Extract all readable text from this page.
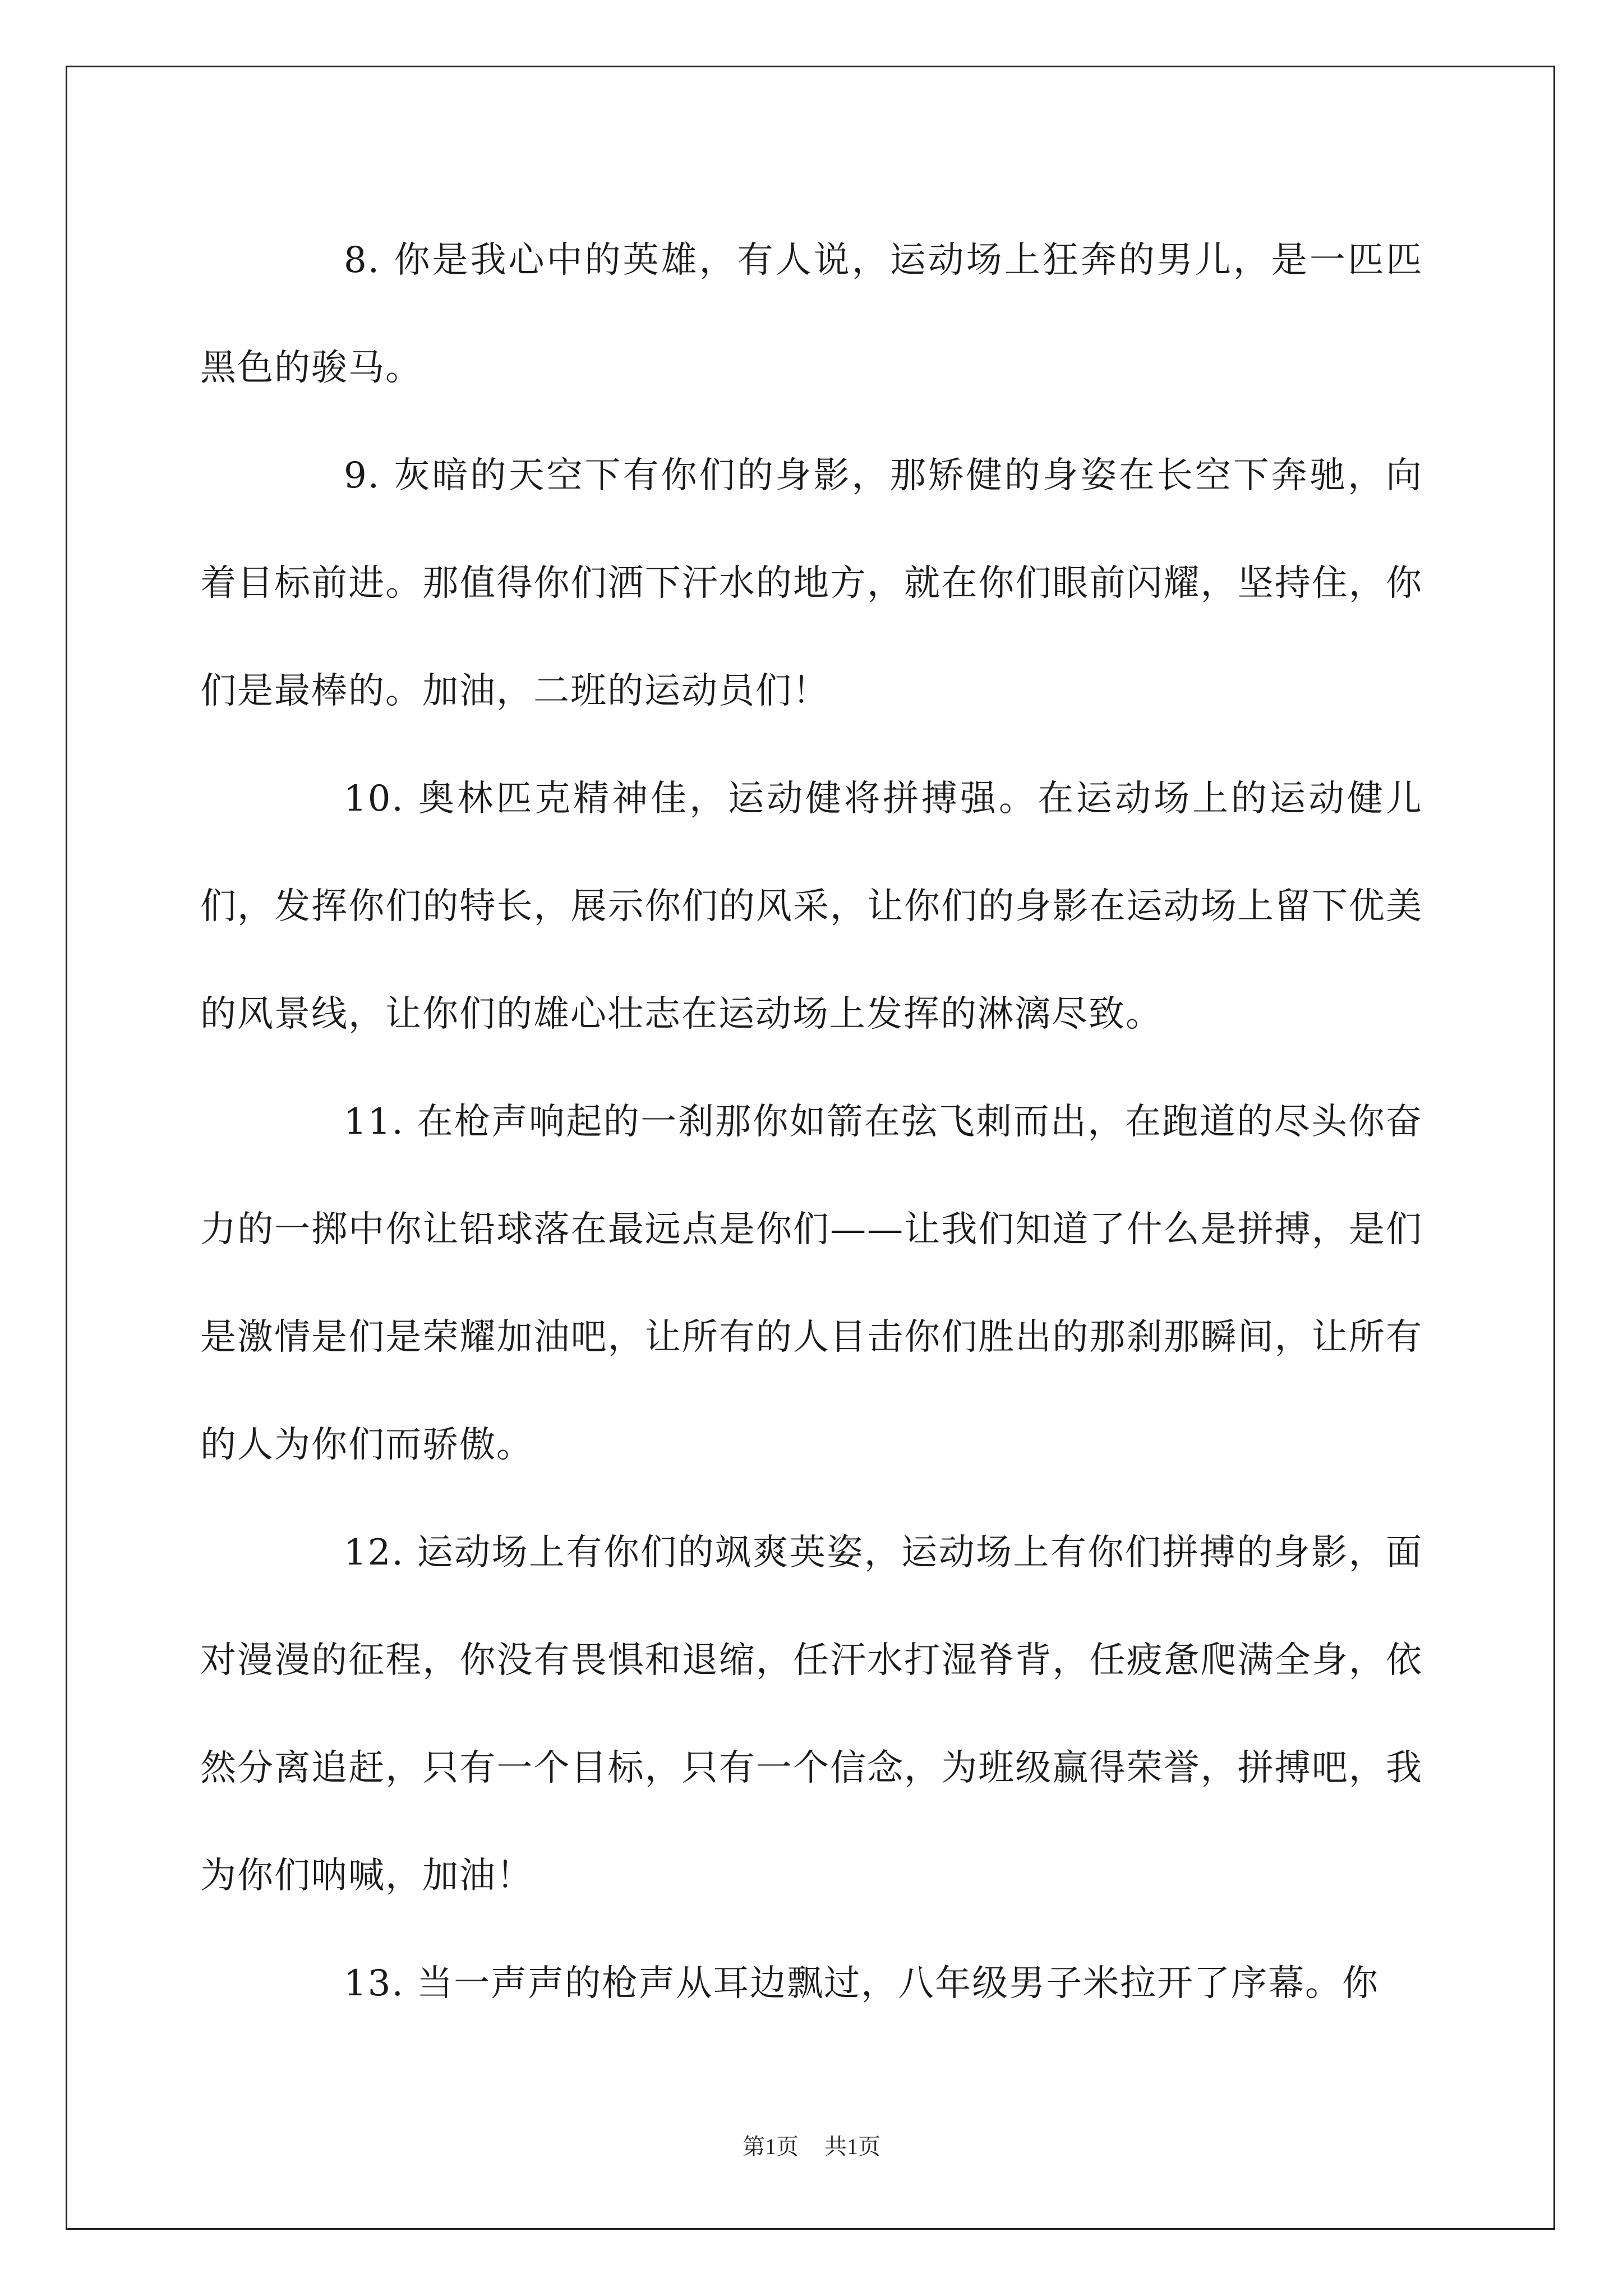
8. 你是我心中的英雄，有人说，运动场上狂奔的男儿，是一匹匹黑色的骏马。

9. 灰暗的天空下有你们的身影，那矫健的身姿在长空下奔驰，向着目标前进。那值得你们洒下汗水的地方，就在你们眼前闪耀，坚持住，你们是最棒的。加油，二班的运动员们！

10. 奥林匹克精神佳，运动健将拼搏强。在运动场上的运动健儿们，发挥你们的特长，展示你们的风采，让你们的身影在运动场上留下优美的风景线，让你们的雄心壮志在运动场上发挥的淋漓尽致。

11. 在枪声响起的一刹那你如箭在弦飞刺而出，在跑道的尽头你奋力的一掷中你让铅球落在最远点是你们——让我们知道了什么是拼搏，是们是激情是们是荣耀加油吧，让所有的人目击你们胜出的那刹那瞬间，让所有的人为你们而骄傲。

12. 运动场上有你们的飒爽英姿，运动场上有你们拼搏的身影，面对漫漫的征程，你没有畏惧和退缩，任汗水打湿脊背，任疲惫爬满全身，依然分离追赶，只有一个目标，只有一个信念，为班级赢得荣誉，拼搏吧，我为你们呐喊，加油！

13. 当一声声的枪声从耳边飘过，八年级男子米拉开了序幕。你

第1页 共1页
